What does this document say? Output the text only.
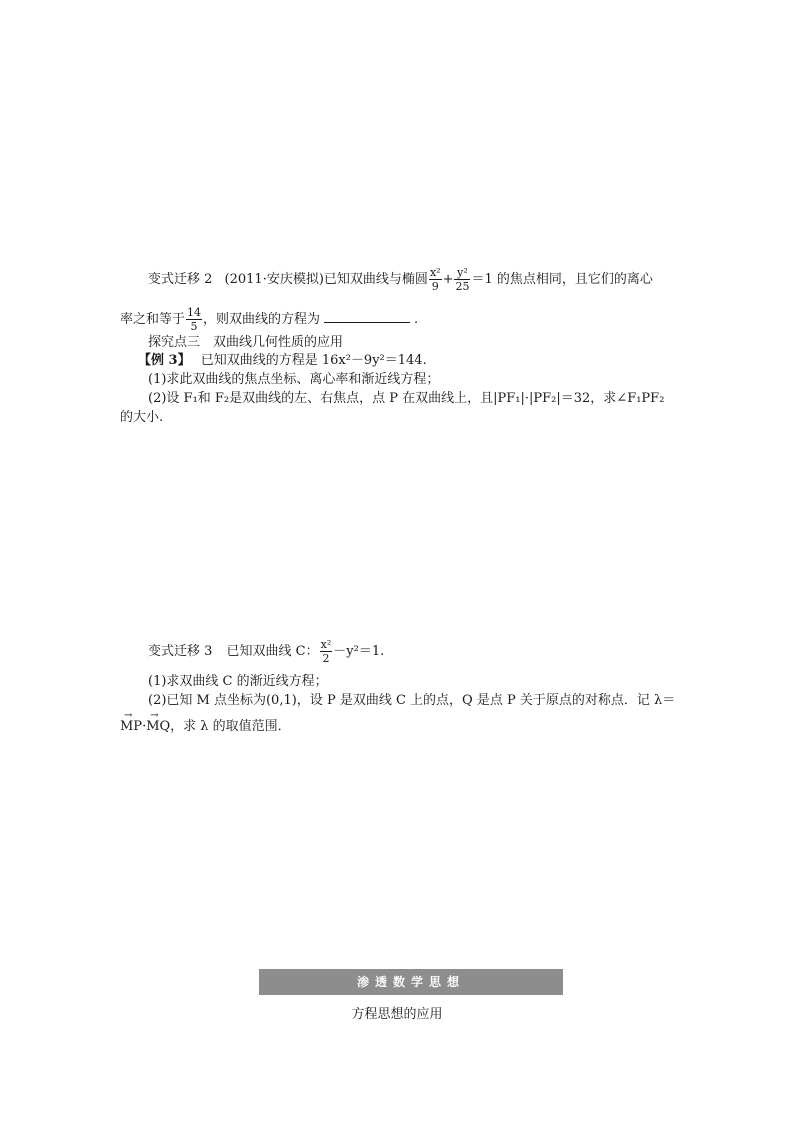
变式迁移 2 (2011·安庆模拟)已知双曲线与椭圆 $\frac{\text{x²}}{9} + \frac{\text{y²}}{25} =1$ 的焦点相同，且它们的离心
率之和等于 $\frac{14}{5}$ ，则双曲线的方程为	.
探究点三　双曲线几何性质的应用
【例 3】 已知双曲线的方程是 16x²－9y²＝144.
(1)求此双曲线的焦点坐标、离心率和渐近线方程；
(2)设 F₁和 F₂是双曲线的左、右焦点，点 P 在双曲线上，且|PF₁|·|PF₂|＝32，求∠F₁PF₂
的大小.
变式迁移 3 已知双曲线 C： $\frac{\text{x²}}{2} -y^2=1$.
(1)求双曲线 C 的渐近线方程；
(2)已知 M 点坐标为(0,1)，设 P 是双曲线 C 上的点，Q 是点 P 关于原点的对称点．记 λ＝
→ MP·→ MQ，求 λ 的取值范围．
渗透数学思想
方程思想的应用
